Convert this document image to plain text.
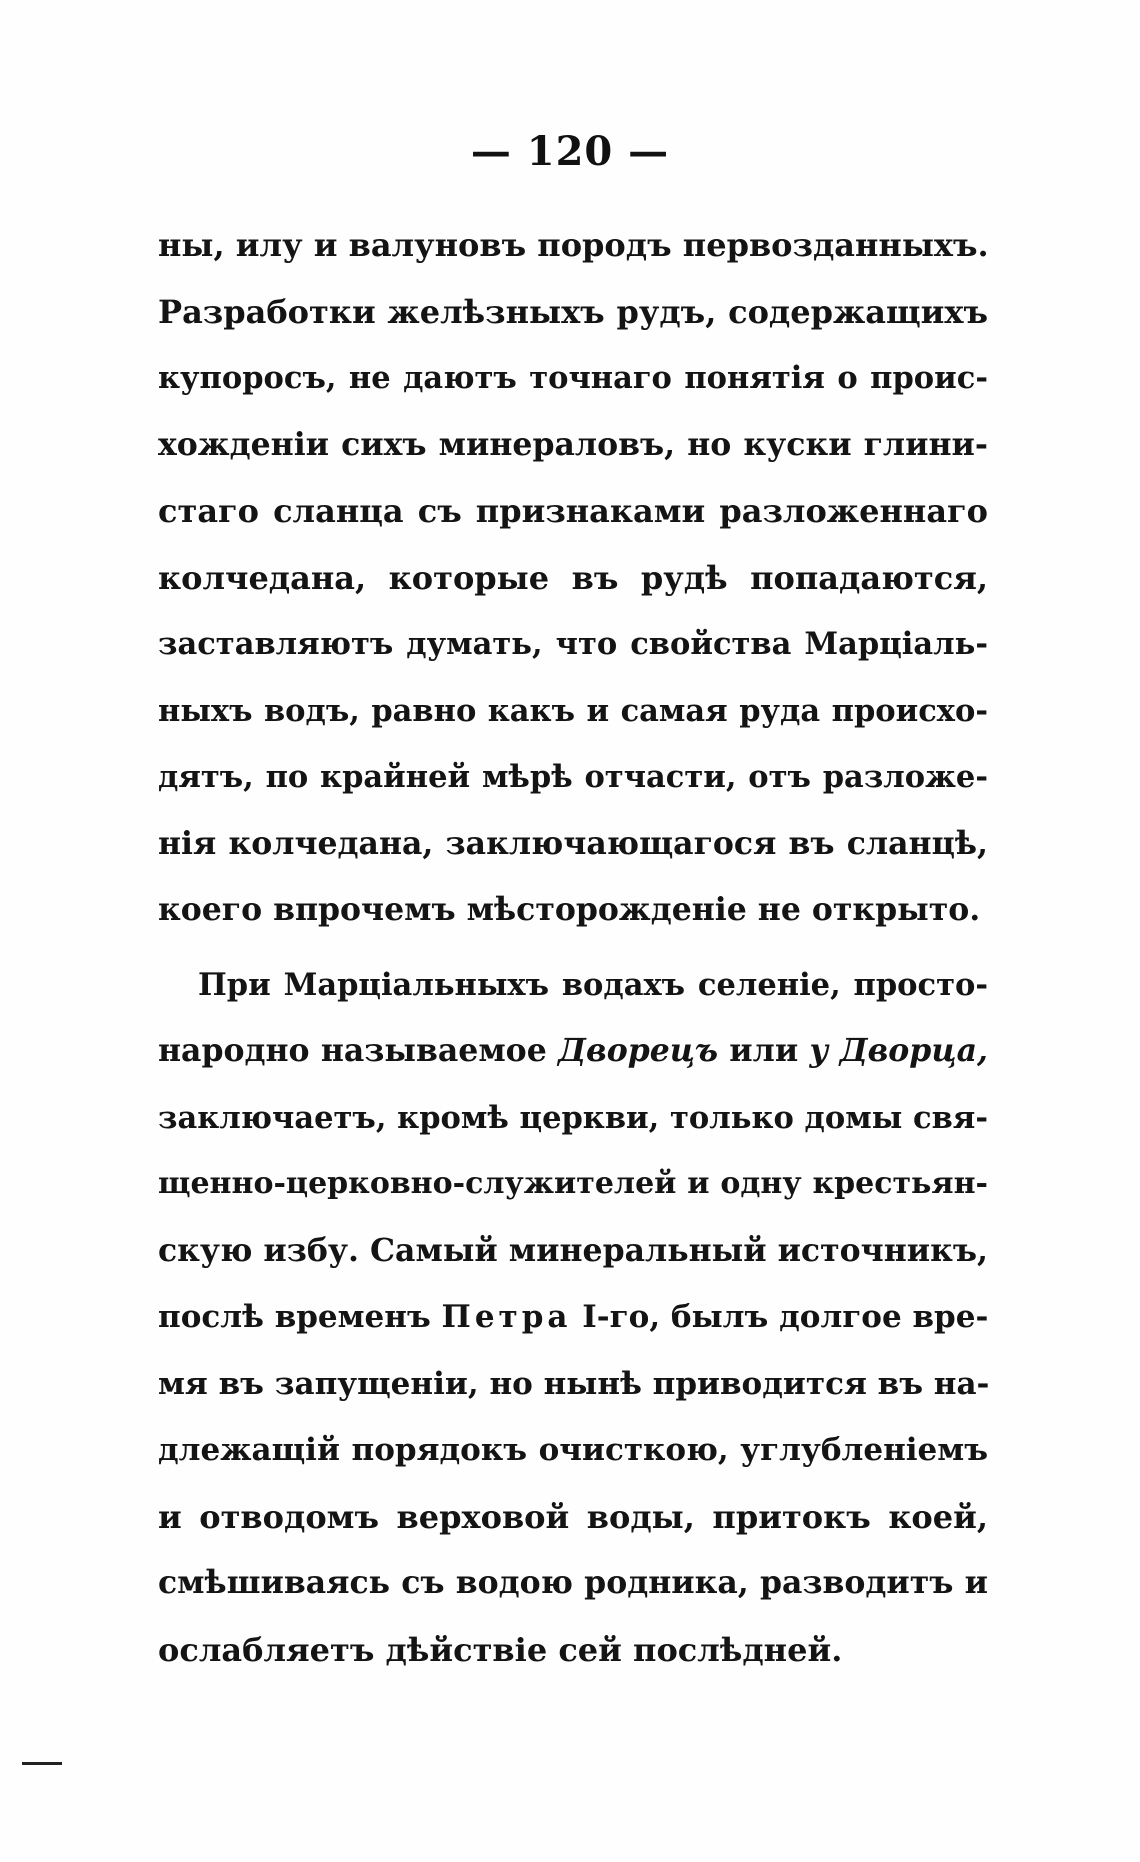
— 120 —
ны, илу и валуновъ породъ первозданныхъ.
Разработки желѣзныхъ рудъ, содержащихъ
купоросъ, не даютъ точнаго понятія о проис-
хожденіи сихъ минераловъ, но куски глини-
стаго сланца съ признаками разложеннаго
колчедана, которые въ рудѣ попадаются,
заставляютъ думать, что свойства Марціаль-
ныхъ водъ, равно какъ и самая руда происхо-
дятъ, по крайней мѣрѣ отчасти, отъ разложе-
нія колчедана, заключающагося въ сланцѣ,
коего впрочемъ мѣсторожденіе не открыто.
При Марціальныхъ водахъ селеніе, просто-
народно называемое Дворецъ или у Дворца,
заключаетъ, кромѣ церкви, только домы свя-
щенно-церковно-служителей и одну крестьян-
скую избу. Самый минеральный источникъ,
послѣ временъ Петра I-го, былъ долгое вре-
мя въ запущеніи, но нынѣ приводится въ на-
длежащій порядокъ очисткою, углубленіемъ
и отводомъ верховой воды, притокъ коей,
смѣшиваясь съ водою родника, разводитъ и
ослабляетъ дѣйствіе сей послѣдней.
